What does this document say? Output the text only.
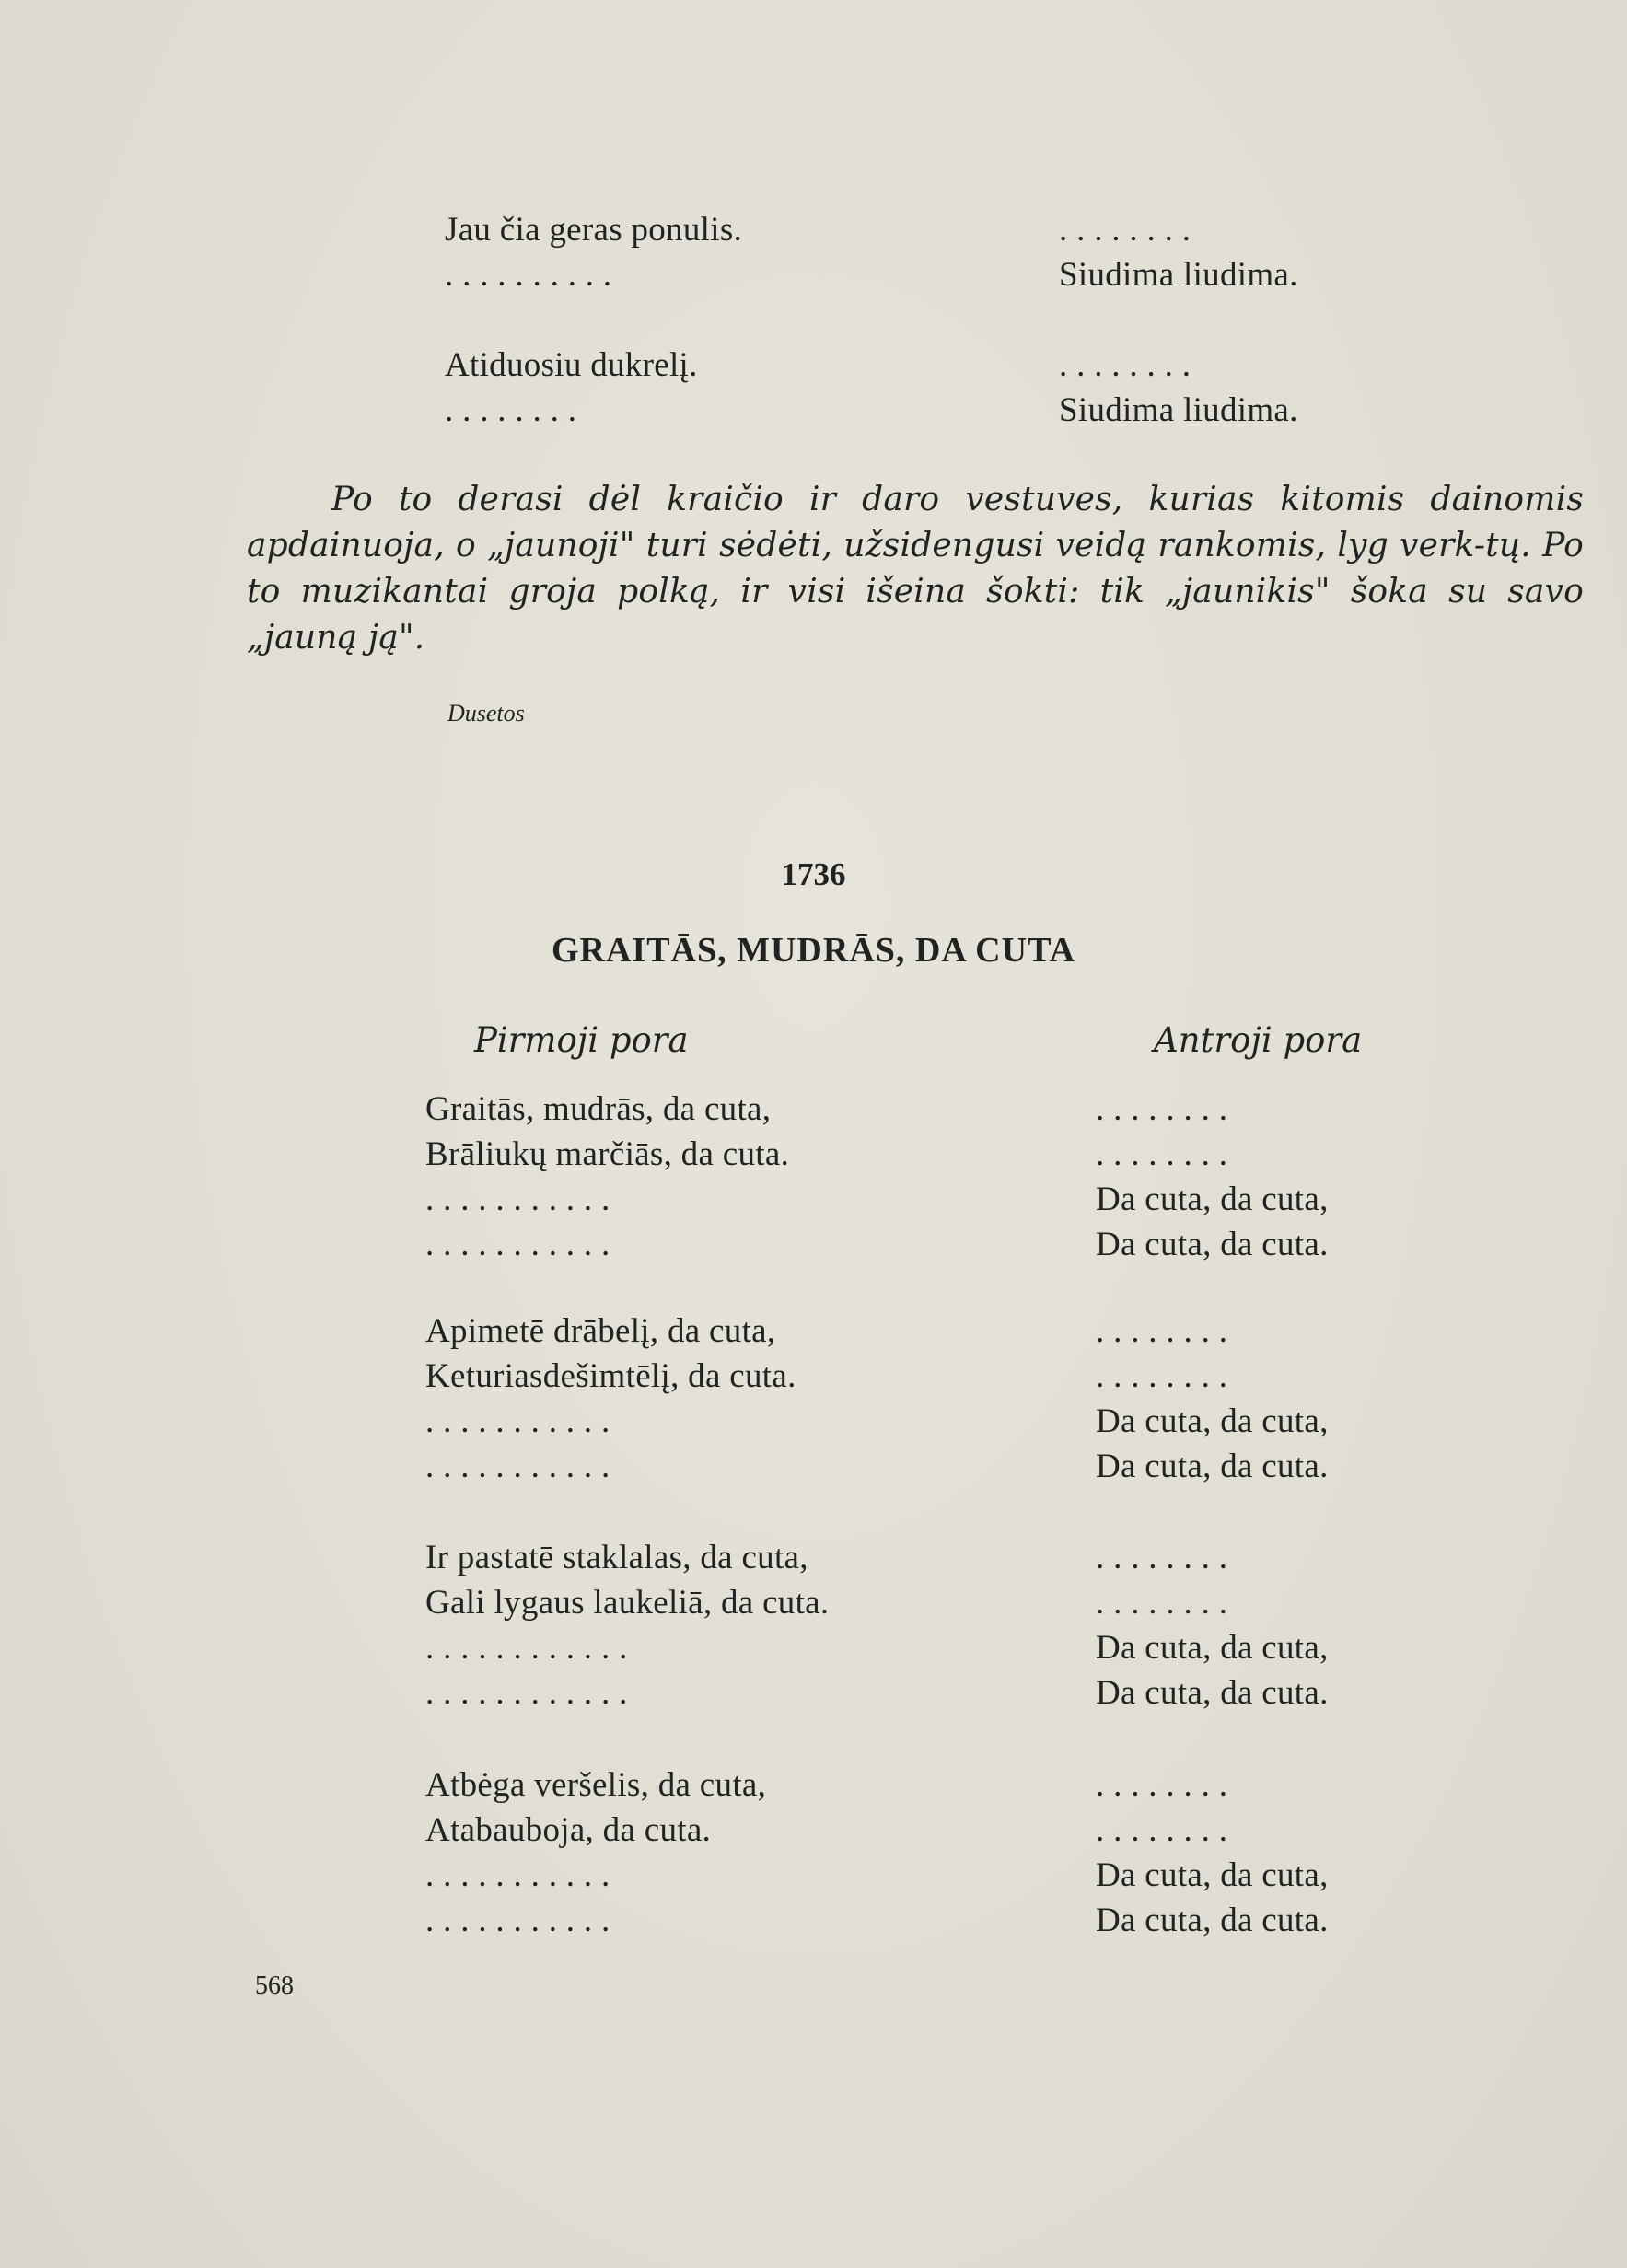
Jau čia geras ponulis.	. . . . . . . .
. . . . . . . . . .	Siudima liudima.
Atiduosiu dukrelį.	. . . . . . . .
. . . . . . . .	Siudima liudima.
Po to derasi dėl kraičio ir daro vestuves, kurias kitomis dainomis apdainuoja, o „jaunoji" turi sėdėti, užsidengusi veidą rankomis, lyg verk-tų. Po to muzikantai groja polką, ir visi išeina šokti: tik „jaunikis" šoka su savo „jauną ją".
Dusetos
1736
GRAITĀS, MUDRĀS, DA CUTA
Pirmoji pora	Antroji pora
Graitās, mudrās, da cuta,	. . . . . . . .
Brāliukų marčiās, da cuta.	. . . . . . . .
. . . . . . . . . . .	Da cuta, da cuta,
. . . . . . . . . . .	Da cuta, da cuta.
Apimetē drābelį, da cuta,	. . . . . . . .
Keturiasdešimtēlį, da cuta.	. . . . . . . .
. . . . . . . . . . .	Da cuta, da cuta,
. . . . . . . . . . .	Da cuta, da cuta.
Ir pastatē staklalas, da cuta,	. . . . . . . .
Gali lygaus laukeliā, da cuta.	. . . . . . . .
. . . . . . . . . . . .	Da cuta, da cuta,
. . . . . . . . . . . .	Da cuta, da cuta.
Atbėga veršelis, da cuta,	. . . . . . . .
Atabauboja, da cuta.	. . . . . . . .
. . . . . . . . . . .	Da cuta, da cuta,
. . . . . . . . . . .	Da cuta, da cuta.
568
